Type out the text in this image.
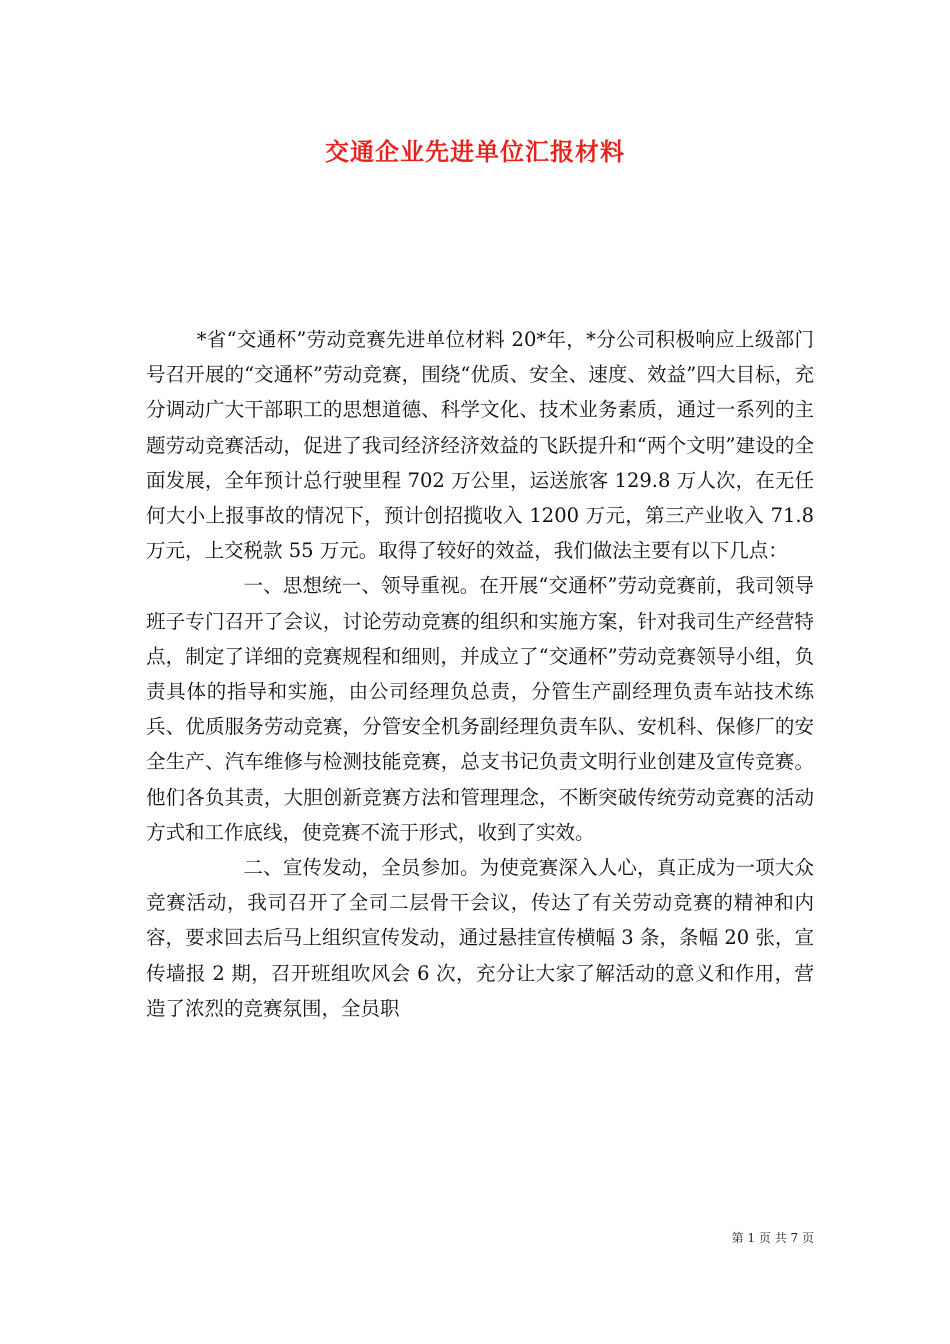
交通企业先进单位汇报材料

*省“交通杯”劳动竞赛先进单位材料 20*年，*分公司积极响应上级部门号召开展的“交通杯”劳动竞赛，围绕“优质、安全、速度、效益”四大目标，充分调动广大干部职工的思想道德、科学文化、技术业务素质，通过一系列的主题劳动竞赛活动，促进了我司经济经济效益的飞跃提升和“两个文明”建设的全面发展，全年预计总行驶里程 702 万公里，运送旅客 129.8 万人次，在无任何大小上报事故的情况下，预计创招揽收入 1200 万元，第三产业收入 71.8 万元，上交税款 55 万元。取得了较好的效益，我们做法主要有以下几点：

一、思想统一、领导重视。在开展“交通杯”劳动竞赛前，我司领导班子专门召开了会议，讨论劳动竞赛的组织和实施方案，针对我司生产经营特点，制定了详细的竞赛规程和细则，并成立了“交通杯”劳动竞赛领导小组，负责具体的指导和实施，由公司经理负总责，分管生产副经理负责车站技术练兵、优质服务劳动竞赛，分管安全机务副经理负责车队、安机科、保修厂的安全生产、汽车维修与检测技能竞赛，总支书记负责文明行业创建及宣传竞赛。他们各负其责，大胆创新竞赛方法和管理理念，不断突破传统劳动竞赛的活动方式和工作底线，使竞赛不流于形式，收到了实效。

二、宣传发动，全员参加。为使竞赛深入人心，真正成为一项大众竞赛活动，我司召开了全司二层骨干会议，传达了有关劳动竞赛的精神和内容，要求回去后马上组织宣传发动，通过悬挂宣传横幅 3 条，条幅 20 张，宣传墙报 2 期，召开班组吹风会 6 次，充分让大家了解活动的意义和作用，营造了浓烈的竞赛氛围，全员职

第 1 页 共 7 页
